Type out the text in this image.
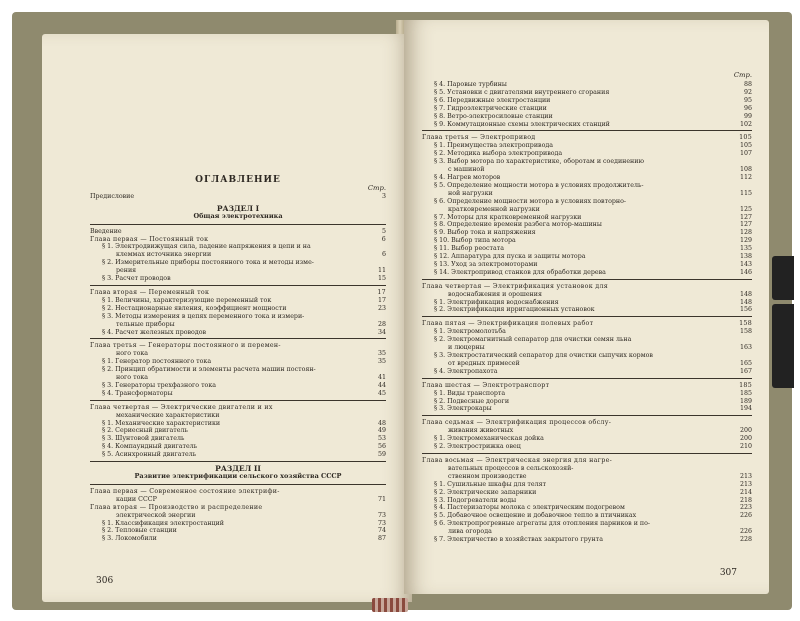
ОГЛАВЛЕНИЕ
Стр.
Предисловие	3
РАЗДЕЛ I
Общая электротехника
Введение	5
Глава первая — Постоянный ток	6
§ 1. Электродвижущая сила, падение напряжения в цепи и на
клеммах источника энергии	6
§ 2. Измерительные приборы постоянного тока и методы изме-
рения	11
§ 3. Расчет проводов	15
Глава вторая — Переменный ток	17
§ 1. Величины, характеризующие переменный ток	17
§ 2. Нестационарные явления, коэффициент мощности	23
§ 3. Методы измерения в цепях переменного тока и измери-
тельные приборы	28
§ 4. Расчет железных проводов	34
Глава третья — Генераторы постоянного и перемен-
ного тока	35
§ 1. Генератор постоянного тока	35
§ 2. Принцип обратимости и элементы расчета машин постоян-
ного тока	41
§ 3. Генераторы трехфазного тока	44
§ 4. Трансформаторы	45
Глава четвертая — Электрические двигатели и их
механические характеристики
§ 1. Механические характеристики	48
§ 2. Сериесный двигатель	49
§ 3. Шунтовой двигатель	53
§ 4. Компаундный двигатель	56
§ 5. Асинхронный двигатель	59
РАЗДЕЛ II
Развитие электрификации сельского хозяйства СССР
Глава первая — Современное состояние электрифи-
кации СССР	71
Глава вторая — Производство и распределение
электрической энергии	73
§ 1. Классификация электростанций	73
§ 2. Тепловые станции	74
§ 3. Локомобили	87
306
Стр.
§ 4. Паровые турбины	88
§ 5. Установки с двигателями внутреннего сгорания	92
§ 6. Передвижные электростанции	95
§ 7. Гидроэлектрические станции	96
§ 8. Ветро-электросиловые станции	99
§ 9. Коммутационные схемы электрических станций	102
Глава третья — Электропривод	105
§ 1. Преимущества электропривода	105
§ 2. Методика выбора электропривода	107
§ 3. Выбор мотора по характеристике, оборотам и соединению
с машиной	108
§ 4. Нагрев моторов	112
§ 5. Определение мощности мотора в условиях продолжитель-
ной нагрузки	115
§ 6. Определение мощности мотора в условиях повторно-
кратковременной нагрузки	125
§ 7. Моторы для кратковременной нагрузки	127
§ 8. Определение времени разбега мотор-машины	127
§ 9. Выбор тока и напряжения	128
§ 10. Выбор типа мотора	129
§ 11. Выбор реостата	135
§ 12. Аппаратура для пуска и защиты мотора	138
§ 13. Уход за электромоторами	143
§ 14. Электропривод станков для обработки дерева	146
Глава четвертая — Электрификация установок для
водоснабжения и орошения	148
§ 1. Электрификация водоснабжения	148
§ 2. Электрификация ирригационных установок	156
Глава пятая — Электрификация полевых работ	158
§ 1. Электромолотьба	158
§ 2. Электромагнитный сепаратор для очистки семян льна
и люцерны	163
§ 3. Электростатический сепаратор для очистки сыпучих кормов
от вредных примесей	165
§ 4. Электропахота	167
Глава шестая — Электротранспорт	185
§ 1. Виды транспорта	185
§ 2. Подвесные дороги	189
§ 3. Электрокары	194
Глава седьмая — Электрификация процессов обслу-
живания животных	200
§ 1. Электромеханическая дойка	200
§ 2. Электрострижка овец	210
Глава восьмая — Электрическая энергия для нагре-
вательных процессов в сельскохозяй-
ственном производстве	213
§ 1. Сушильные шкафы для телят	213
§ 2. Электрические запарники	214
§ 3. Подогреватели воды	218
§ 4. Пастеризаторы молока с электрическим подогревом	223
§ 5. Добавочное освещение и добавочное тепло в птичниках	226
§ 6. Электропрогревные агрегаты для отопления парников и по-
лива огорода	226
§ 7. Электричество в хозяйствах закрытого грунта	228
307
